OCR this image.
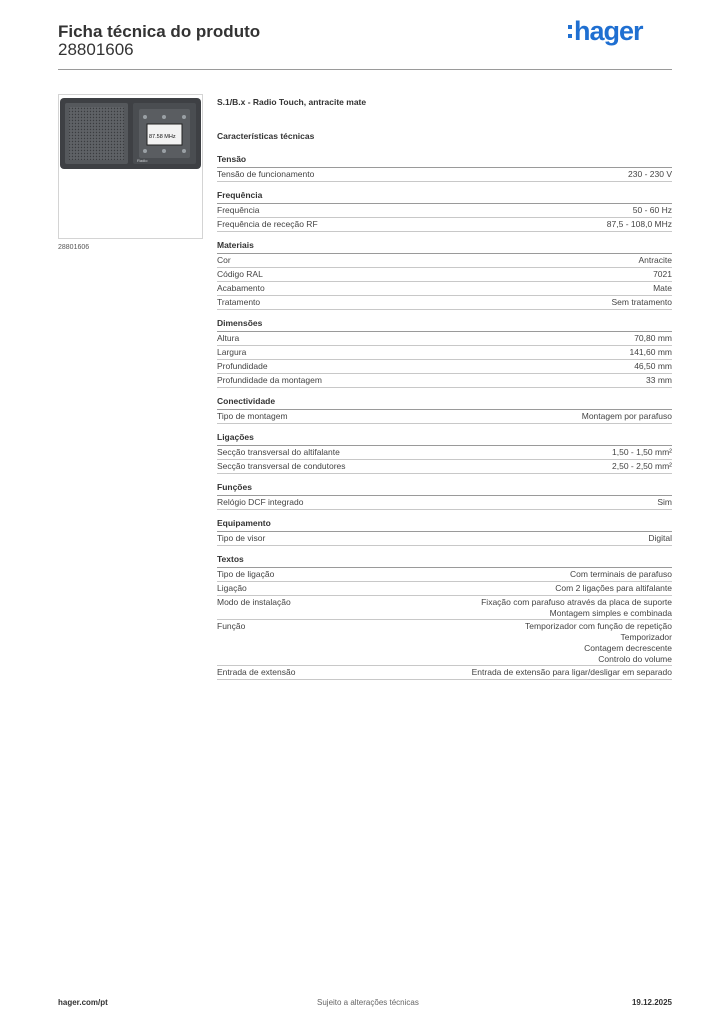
Ficha técnica do produto
28801606
hager
87.58 MHz
Radio
28801606
S.1/B.x - Radio Touch, antracite mate
Características técnicas
Tensão
Tensão de funcionamento	230 - 230 V
Frequência
Frequência	50 - 60 Hz
Frequência de receção RF	87,5 - 108,0 MHz
Materiais
Cor	Antracite
Código RAL	7021
Acabamento	Mate
Tratamento	Sem tratamento
Dimensões
Altura	70,80 mm
Largura	141,60 mm
Profundidade	46,50 mm
Profundidade da montagem	33 mm
Conectividade
Tipo de montagem	Montagem por parafuso
Ligações
Secção transversal do altifalante	1,50 - 1,50 mm²
Secção transversal de condutores	2,50 - 2,50 mm²
Funções
Relógio DCF integrado	Sim
Equipamento
Tipo de visor	Digital
Textos
Tipo de ligação	Com terminais de parafuso
Ligação	Com 2 ligações para altifalante
Modo de instalação	Fixação com parafuso através da placa de suporte
Montagem simples e combinada
Função	Temporizador com função de repetição
Temporizador
Contagem decrescente
Controlo do volume
Entrada de extensão	Entrada de extensão para ligar/desligar em separado
hager.com/pt	Sujeito a alterações técnicas	19.12.2025
